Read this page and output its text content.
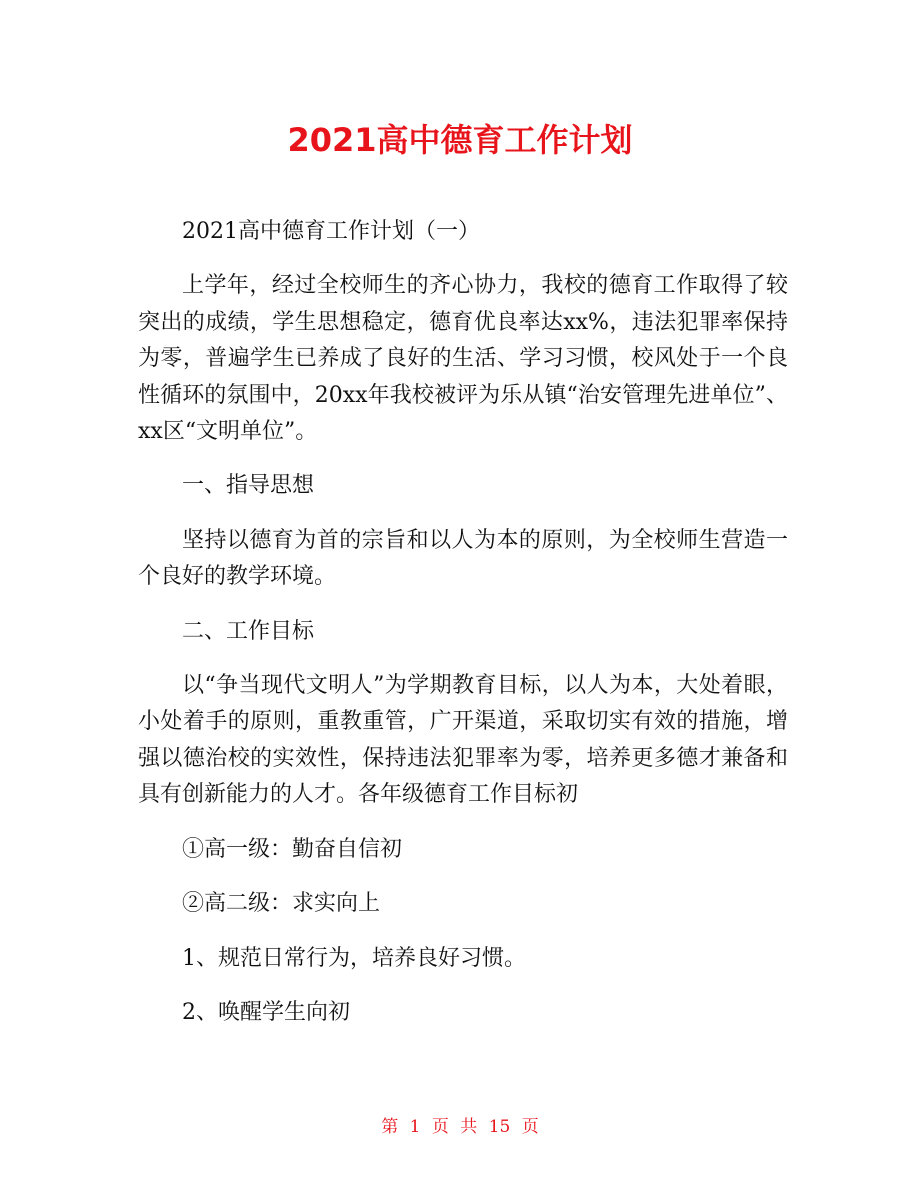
2021高中德育工作计划

2021高中德育工作计划（一）

上学年，经过全校师生的齐心协力，我校的德育工作取得了较突出的成绩，学生思想稳定，德育优良率达xx%，违法犯罪率保持为零，普遍学生已养成了良好的生活、学习习惯，校风处于一个良性循环的氛围中，20xx年我校被评为乐从镇“治安管理先进单位”、xx区“文明单位”。

一、指导思想

坚持以德育为首的宗旨和以人为本的原则，为全校师生营造一个良好的教学环境。

二、工作目标

以“争当现代文明人”为学期教育目标，以人为本，大处着眼，小处着手的原则，重教重管，广开渠道，采取切实有效的措施，增强以德治校的实效性，保持违法犯罪率为零，培养更多德才兼备和具有创新能力的人才。各年级德育工作目标初

①高一级：勤奋自信初

②高二级：求实向上

1、规范日常行为，培养良好习惯。

2、唤醒学生向初

第 1 页 共 15 页
